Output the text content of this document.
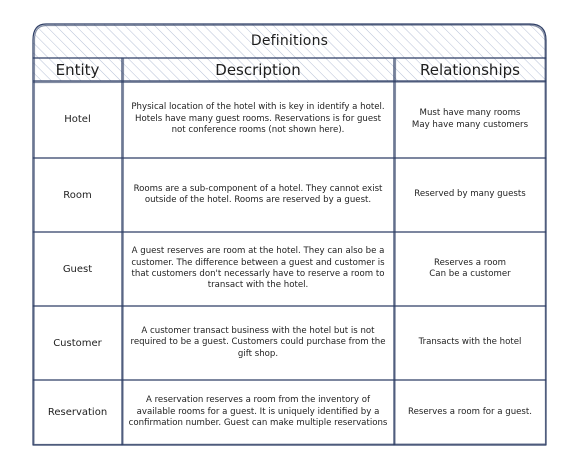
Definitions
Entity	Description	Relationships
Hotel
Physical location of the hotel with is key in identify a hotel. Hotels have many guest rooms. Reservations is for guest not conference rooms (not shown here).
Must have many rooms
May have many customers
Room
Rooms are a sub-component of a hotel. They cannot exist outside of the hotel. Rooms are reserved by a guest.
Reserved by many guests
Guest
A guest reserves are room at the hotel. They can also be a customer. The difference between a guest and customer is that customers don't necessarly have to reserve a room to transact with the hotel.
Reserves a room
Can be a customer
Customer
A customer transact business with the hotel but is not required to be a guest. Customers could purchase from the gift shop.
Transacts with the hotel
Reservation
A reservation reserves a room from the inventory of available rooms for a guest. It is uniquely identified by a confirmation number. Guest can make multiple reservations
Reserves a room for a guest.
